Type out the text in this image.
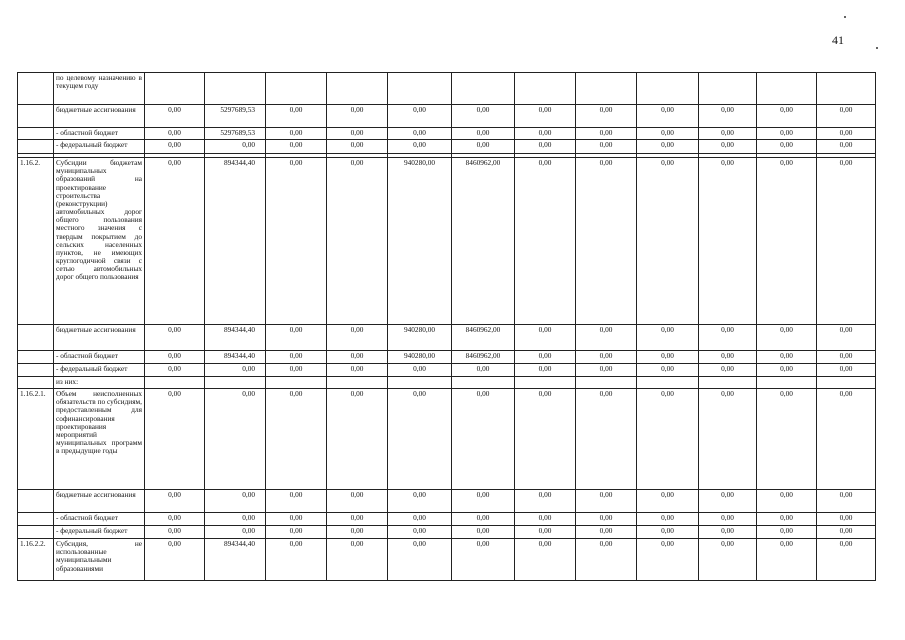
41
	по целевому назначению в текущем году												
	бюджетные ассигнования	0,00	5297689,53	0,00	0,00	0,00	0,00	0,00	0,00	0,00	0,00	0,00	0,00
	- областной бюджет	0,00	5297689,53	0,00	0,00	0,00	0,00	0,00	0,00	0,00	0,00	0,00	0,00
	- федеральный бюджет	0,00	0,00	0,00	0,00	0,00	0,00	0,00	0,00	0,00	0,00	0,00	0,00

1.16.2.	Субсидии бюджетам муниципальных образований на проектирование строительства (реконструкции) автомобильных дорог общего пользования местного значения с твердым покрытием до сельских населенных пунктов, не имеющих круглогодичной связи с сетью автомобильных дорог общего пользования	0,00	894344,40	0,00	0,00	940280,00	8460962,00	0,00	0,00	0,00	0,00	0,00	0,00
	бюджетные ассигнования	0,00	894344,40	0,00	0,00	940280,00	8460962,00	0,00	0,00	0,00	0,00	0,00	0,00
	- областной бюджет	0,00	894344,40	0,00	0,00	940280,00	8460962,00	0,00	0,00	0,00	0,00	0,00	0,00
	- федеральный бюджет	0,00	0,00	0,00	0,00	0,00	0,00	0,00	0,00	0,00	0,00	0,00	0,00
	из них:												
1.16.2.1.	Объем неисполненных обязательств по субсидиям, предоставленным для софинансирования проектирования мероприятий муниципальных программ в предыдущие годы	0,00	0,00	0,00	0,00	0,00	0,00	0,00	0,00	0,00	0,00	0,00	0,00
	бюджетные ассигнования	0,00	0,00	0,00	0,00	0,00	0,00	0,00	0,00	0,00	0,00	0,00	0,00
	- областной бюджет	0,00	0,00	0,00	0,00	0,00	0,00	0,00	0,00	0,00	0,00	0,00	0,00
	- федеральный бюджет	0,00	0,00	0,00	0,00	0,00	0,00	0,00	0,00	0,00	0,00	0,00	0,00
1.16.2.2.	Субсидия, не использованные муниципальными образованиями	0,00	894344,40	0,00	0,00	0,00	0,00	0,00	0,00	0,00	0,00	0,00	0,00
